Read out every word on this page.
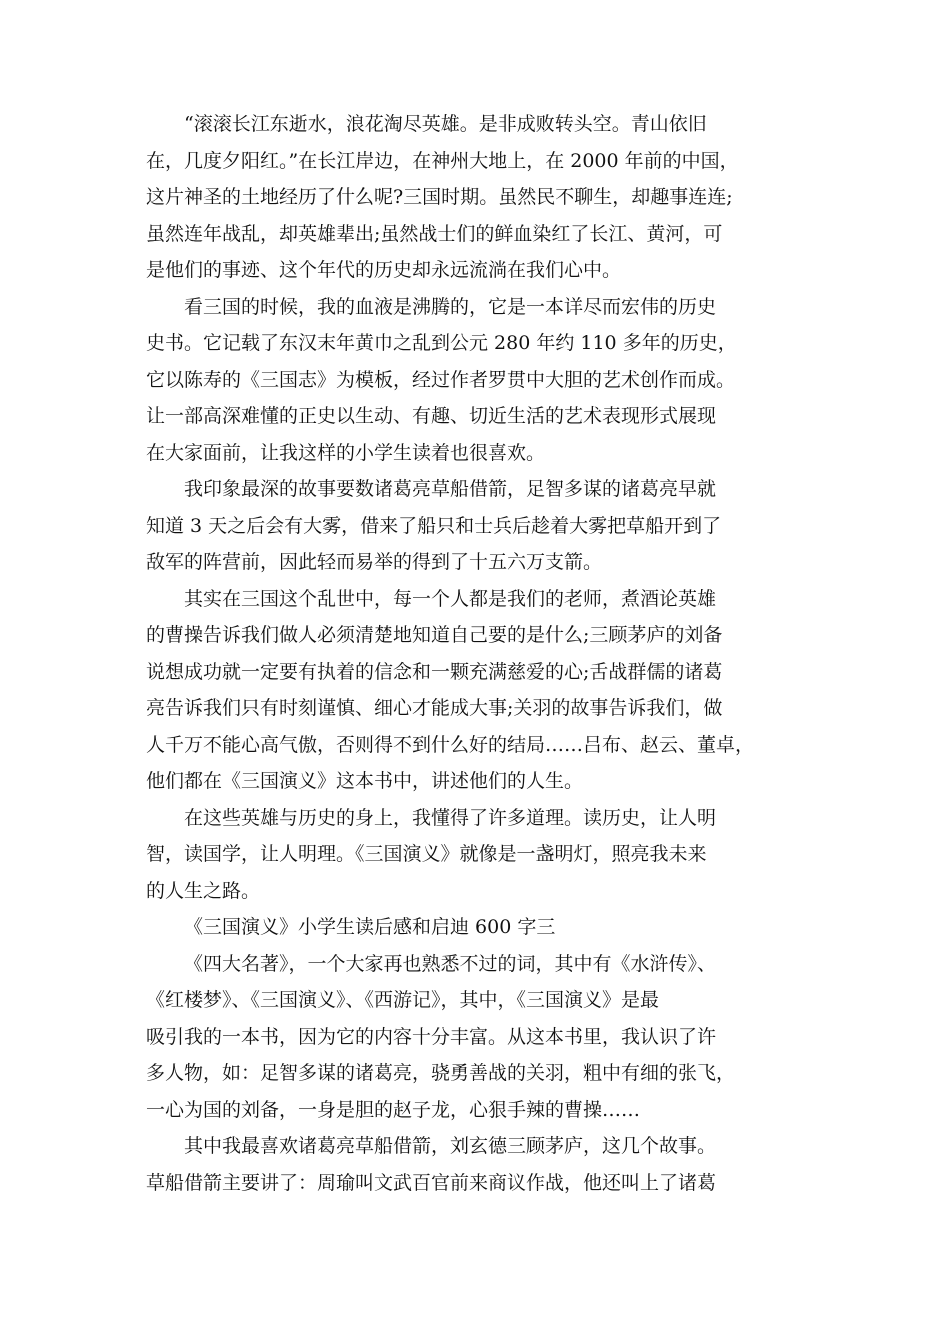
“滚滚长江东逝水，浪花淘尽英雄。是非成败转头空。青山依旧
在，几度夕阳红。”在长江岸边，在神州大地上，在 2000 年前的中国，
这片神圣的土地经历了什么呢?三国时期。虽然民不聊生，却趣事连连;
虽然连年战乱，却英雄辈出;虽然战士们的鲜血染红了长江、黄河，可
是他们的事迹、这个年代的历史却永远流淌在我们心中。
看三国的时候，我的血液是沸腾的，它是一本详尽而宏伟的历史
史书。它记载了东汉末年黄巾之乱到公元 280 年约 110 多年的历史，
它以陈寿的《三国志》为模板，经过作者罗贯中大胆的艺术创作而成。
让一部高深难懂的正史以生动、有趣、切近生活的艺术表现形式展现
在大家面前，让我这样的小学生读着也很喜欢。
我印象最深的故事要数诸葛亮草船借箭，足智多谋的诸葛亮早就
知道 3 天之后会有大雾，借来了船只和士兵后趁着大雾把草船开到了
敌军的阵营前，因此轻而易举的得到了十五六万支箭。
其实在三国这个乱世中，每一个人都是我们的老师，煮酒论英雄
的曹操告诉我们做人必须清楚地知道自己要的是什么;三顾茅庐的刘备
说想成功就一定要有执着的信念和一颗充满慈爱的心;舌战群儒的诸葛
亮告诉我们只有时刻谨慎、细心才能成大事;关羽的故事告诉我们，做
人千万不能心高气傲，否则得不到什么好的结局……吕布、赵云、董卓，
他们都在《三国演义》这本书中，讲述他们的人生。
在这些英雄与历史的身上，我懂得了许多道理。读历史，让人明
智，读国学，让人明理。《三国演义》就像是一盏明灯，照亮我未来
的人生之路。
《三国演义》小学生读后感和启迪 600 字三
《四大名著》，一个大家再也熟悉不过的词，其中有《水浒传》、
《红楼梦》、《三国演义》、《西游记》，其中，《三国演义》是最
吸引我的一本书，因为它的内容十分丰富。从这本书里，我认识了许
多人物，如：足智多谋的诸葛亮，骁勇善战的关羽，粗中有细的张飞，
一心为国的刘备，一身是胆的赵子龙，心狠手辣的曹操……
其中我最喜欢诸葛亮草船借箭，刘玄德三顾茅庐，这几个故事。
草船借箭主要讲了：周瑜叫文武百官前来商议作战，他还叫上了诸葛
